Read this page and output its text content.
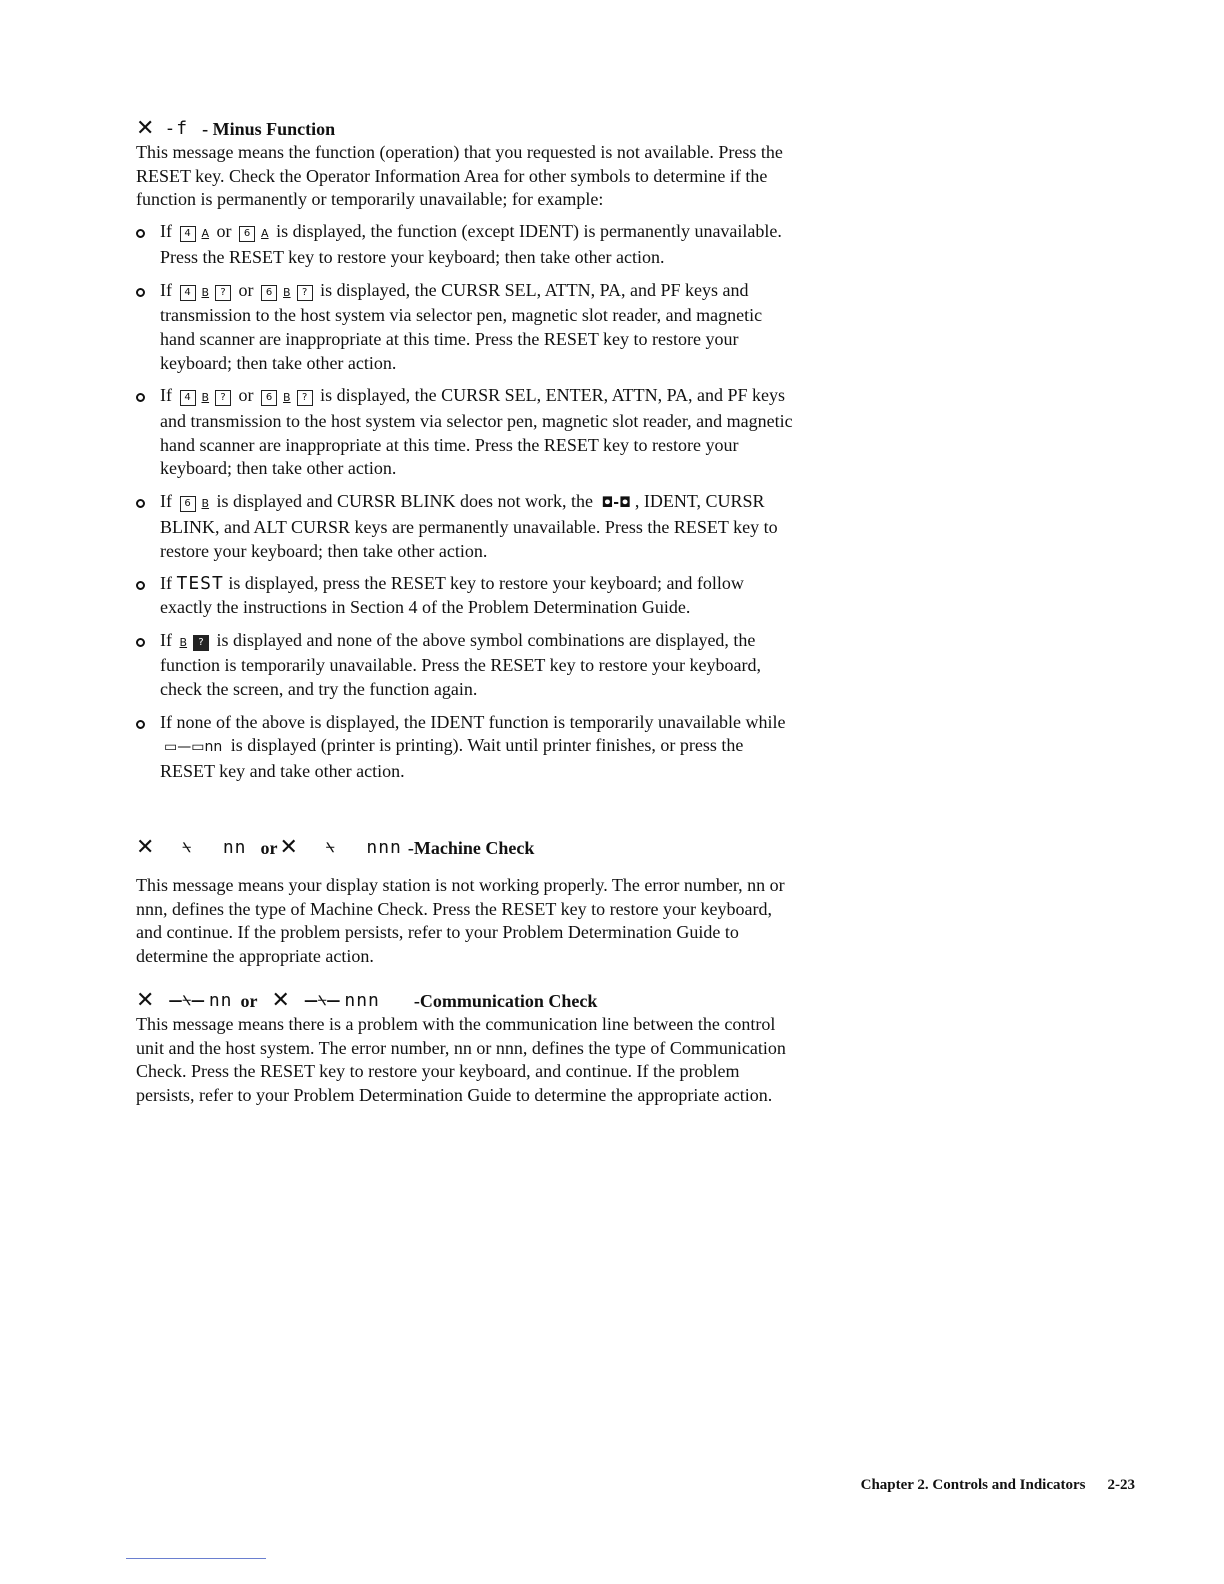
✕ -f - Minus Function

This message means the function (operation) that you requested is not available. Press the RESET key. Check the Operator Information Area for other symbols to determine if the function is permanently or temporarily unavailable; for example:

If 4 A or 6 A is displayed, the function (except IDENT) is permanently unavailable. Press the RESET key to restore your keyboard; then take other action.
If 4 B ? or 6 B ? is displayed, the CURSR SEL, ATTN, PA, and PF keys and transmission to the host system via selector pen, magnetic slot reader, and magnetic hand scanner are inappropriate at this time. Press the RESET key to restore your keyboard; then take other action.
If 4 B ? or 6 B ? is displayed, the CURSR SEL, ENTER, ATTN, PA, and PF keys and transmission to the host system via selector pen, magnetic slot reader, and magnetic hand scanner are inappropriate at this time. Press the RESET key to restore your keyboard; then take other action.
If 6 B is displayed and CURSR BLINK does not work, the ◘-◘ , IDENT, CURSR BLINK, and ALT CURSR keys are permanently unavailable. Press the RESET key to restore your keyboard; then take other action.
If TEST is displayed, press the RESET key to restore your keyboard; and follow exactly the instructions in Section 4 of the Problem Determination Guide.
If B ? is displayed and none of the above symbol combinations are displayed, the function is temporarily unavailable. Press the RESET key to restore your keyboard, check the screen, and try the function again.
If none of the above is displayed, the IDENT function is temporarily unavailable while ▭—▭nn is displayed (printer is printing). Wait until printer finishes, or press the RESET key and take other action.
✕ ⍀ nn or ✕ ⍀ nnn -Machine Check

This message means your display station is not working properly. The error number, nn or nnn, defines the type of Machine Check. Press the RESET key to restore your keyboard, and continue. If the problem persists, refer to your Problem Determination Guide to determine the appropriate action.

✕ —⍀— nn or ✕ —⍀— nnn -Communication Check

This message means there is a problem with the communication line between the control unit and the host system. The error number, nn or nnn, defines the type of Communication Check. Press the RESET key to restore your keyboard, and continue. If the problem persists, refer to your Problem Determination Guide to determine the appropriate action.

Chapter 2. Controls and Indicators 2-23
